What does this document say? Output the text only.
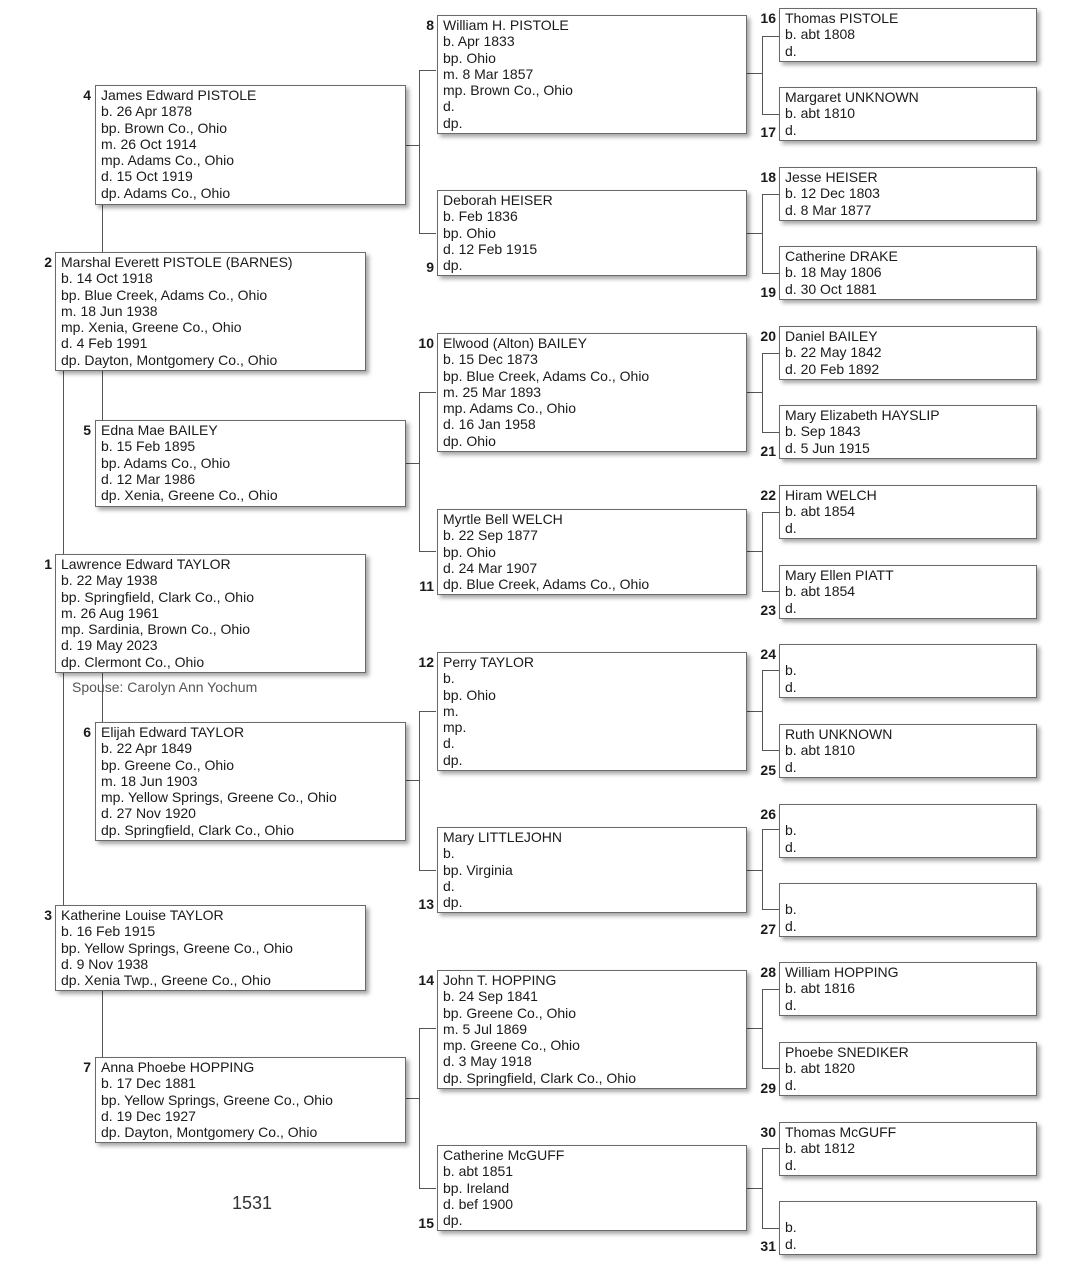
4 James Edward PISTOLE
b. 26 Apr 1878
bp. Brown Co., Ohio
m. 26 Oct 1914
mp. Adams Co., Ohio
d. 15 Oct 1919
dp. Adams Co., Ohio
2 Marshal Everett PISTOLE (BARNES)
b. 14 Oct 1918
bp. Blue Creek, Adams Co., Ohio
m. 18 Jun 1938
mp. Xenia, Greene Co., Ohio
d. 4 Feb 1991
dp. Dayton, Montgomery Co., Ohio
5 Edna Mae BAILEY
b. 15 Feb 1895
bp. Adams Co., Ohio
d. 12 Mar 1986
dp. Xenia, Greene Co., Ohio
1 Lawrence Edward TAYLOR
b. 22 May 1938
bp. Springfield, Clark Co., Ohio
m. 26 Aug 1961
mp. Sardinia, Brown Co., Ohio
d. 19 May 2023
dp. Clermont Co., Ohio
Spouse: Carolyn Ann Yochum
6 Elijah Edward TAYLOR
b. 22 Apr 1849
bp. Greene Co., Ohio
m. 18 Jun 1903
mp. Yellow Springs, Greene Co., Ohio
d. 27 Nov 1920
dp. Springfield, Clark Co., Ohio
3 Katherine Louise TAYLOR
b. 16 Feb 1915
bp. Yellow Springs, Greene Co., Ohio
d. 9 Nov 1938
dp. Xenia Twp., Greene Co., Ohio
7 Anna Phoebe HOPPING
b. 17 Dec 1881
bp. Yellow Springs, Greene Co., Ohio
d. 19 Dec 1927
dp. Dayton, Montgomery Co., Ohio
1531
8 William H. PISTOLE
b. Apr 1833
bp. Ohio
m. 8 Mar 1857
mp. Brown Co., Ohio
d.
dp.
Deborah HEISER
b. Feb 1836
bp. Ohio
d. 12 Feb 1915
dp.
9
10 Elwood (Alton) BAILEY
b. 15 Dec 1873
bp. Blue Creek, Adams Co., Ohio
m. 25 Mar 1893
mp. Adams Co., Ohio
d. 16 Jan 1958
dp. Ohio
Myrtle Bell WELCH
b. 22 Sep 1877
bp. Ohio
d. 24 Mar 1907
dp. Blue Creek, Adams Co., Ohio
11
12 Perry TAYLOR
b.
bp. Ohio
m.
mp.
d.
dp.
Mary LITTLEJOHN
b.
bp. Virginia
d.
dp.
13
14 John T. HOPPING
b. 24 Sep 1841
bp. Greene Co., Ohio
m. 5 Jul 1869
mp. Greene Co., Ohio
d. 3 May 1918
dp. Springfield, Clark Co., Ohio
Catherine McGUFF
b. abt 1851
bp. Ireland
d. bef 1900
dp.
15
16 Thomas PISTOLE
b. abt 1808
d.
Margaret UNKNOWN
b. abt 1810
d.
17
18 Jesse HEISER
b. 12 Dec 1803
d. 8 Mar 1877
Catherine DRAKE
b. 18 May 1806
d. 30 Oct 1881
19
20 Daniel BAILEY
b. 22 May 1842
d. 20 Feb 1892
Mary Elizabeth HAYSLIP
b. Sep 1843
d. 5 Jun 1915
21
22 Hiram WELCH
b. abt 1854
d.
Mary Ellen PIATT
b. abt 1854
d.
23
24
b.
d.
Ruth UNKNOWN
b. abt 1810
d.
25
26
b.
d.
b.
d.
27
28 William HOPPING
b. abt 1816
d.
Phoebe SNEDIKER
b. abt 1820
d.
29
30 Thomas McGUFF
b. abt 1812
d.
b.
d.
31
